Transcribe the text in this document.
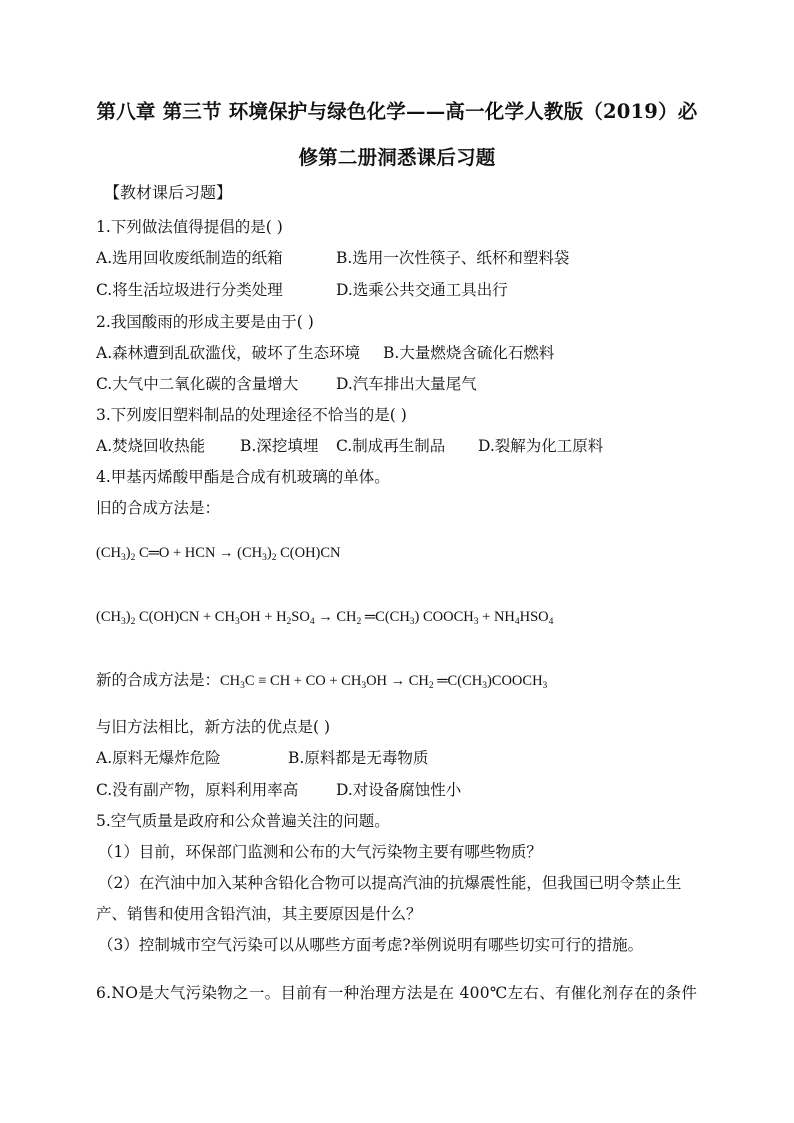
第八章 第三节 环境保护与绿色化学——高一化学人教版（2019）必
修第二册洞悉课后习题
【教材课后习题】
1.下列做法值得提倡的是( )
A.选用回收废纸制造的纸箱	B.选用一次性筷子、纸杯和塑料袋
C.将生活垃圾进行分类处理	D.选乘公共交通工具出行
2.我国酸雨的形成主要是由于( )
A.森林遭到乱砍滥伐，破坏了生态环境 B.大量燃烧含硫化石燃料
C.大气中二氧化碳的含量增大 D.汽车排出大量尾气
3.下列废旧塑料制品的处理途径不恰当的是( )
A.焚烧回收热能 B.深挖填埋 C.制成再生制品 D.裂解为化工原料
4.甲基丙烯酸甲酯是合成有机玻璃的单体。
旧的合成方法是：
$(CH_3)_2$ C═O + HCN → $(CH_3)_2$ C(OH)CN
$(CH_3)_2$ $C(OH)CN + CH_3OH + H_2SO_4 \to CH_2$ $═C(CH_3)$ $COOCH_3 + NH_4HSO_4$
新的合成方法是：$CH_3C$ ≡ CH + CO + $CH_3OH \to CH_2$ $═C(CH_3)COOCH_3$
与旧方法相比，新方法的优点是( )
A.原料无爆炸危险	B.原料都是无毒物质
C.没有副产物，原料利用率高 D.对设备腐蚀性小
5.空气质量是政府和公众普遍关注的问题。
（1）目前，环保部门监测和公布的大气污染物主要有哪些物质？
（2）在汽油中加入某种含铅化合物可以提高汽油的抗爆震性能，但我国已明令禁止生
产、销售和使用含铅汽油，其主要原因是什么？
（3）控制城市空气污染可以从哪些方面考虑?举例说明有哪些切实可行的措施。
6.NO是大气污染物之一。目前有一种治理方法是在 400℃左右、有催化剂存在的条件
